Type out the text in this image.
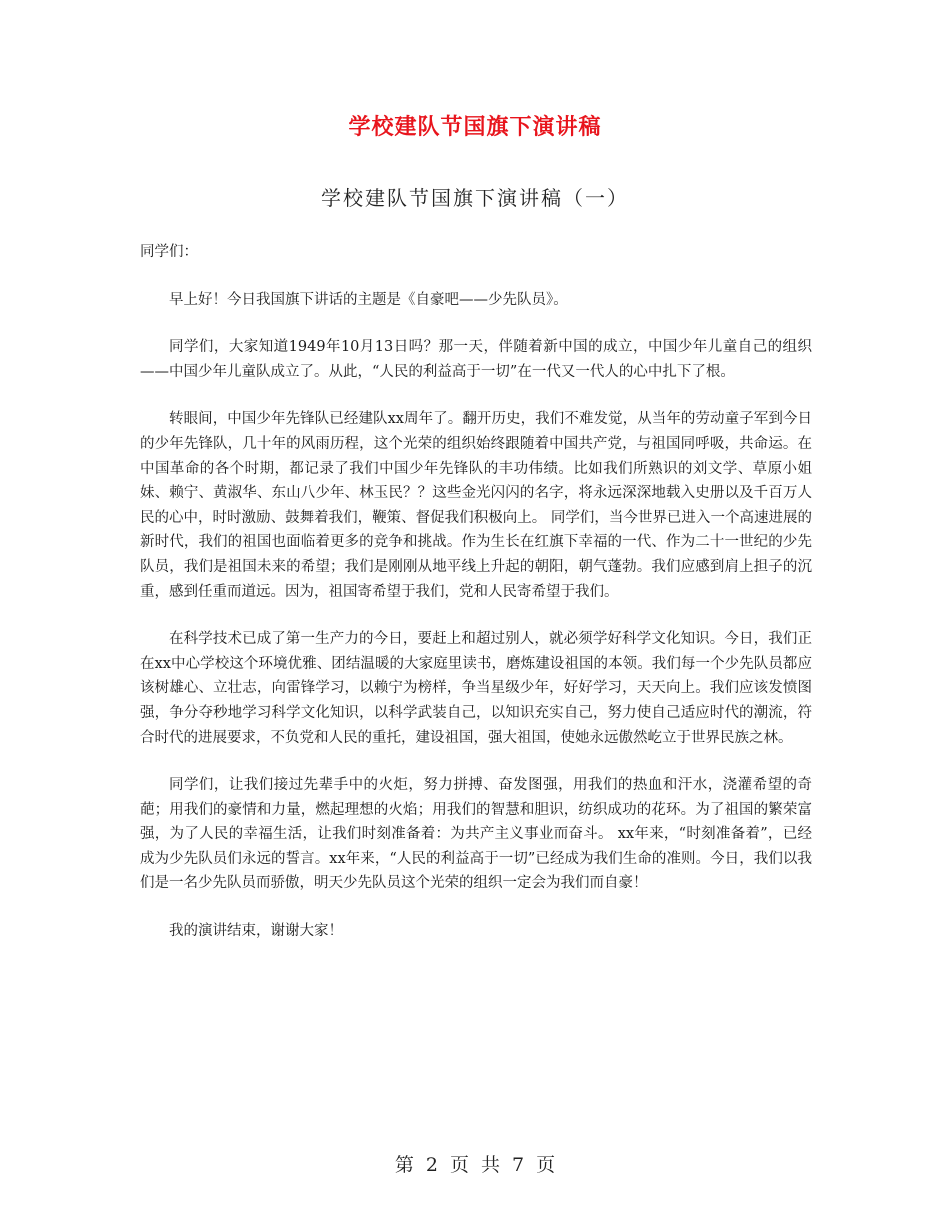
学校建队节国旗下演讲稿
学校建队节国旗下演讲稿（一）

同学们：

早上好！今日我国旗下讲话的主题是《自豪吧——少先队员》。

同学们，大家知道1949年10月13日吗？那一天，伴随着新中国的成立，中国少年儿童自己的组织——中国少年儿童队成立了。从此，“人民的利益高于一切”在一代又一代人的心中扎下了根。

转眼间，中国少年先锋队已经建队xx周年了。翻开历史，我们不难发觉，从当年的劳动童子军到今日的少年先锋队，几十年的风雨历程，这个光荣的组织始终跟随着中国共产党，与祖国同呼吸，共命运。在中国革命的各个时期，都记录了我们中国少年先锋队的丰功伟绩。比如我们所熟识的刘文学、草原小姐妹、赖宁、黄淑华、东山八少年、林玉民？？这些金光闪闪的名字，将永远深深地载入史册以及千百万人民的心中，时时激励、鼓舞着我们，鞭策、督促我们积极向上。 同学们，当今世界已进入一个高速进展的新时代，我们的祖国也面临着更多的竞争和挑战。作为生长在红旗下幸福的一代、作为二十一世纪的少先队员，我们是祖国未来的希望；我们是刚刚从地平线上升起的朝阳，朝气蓬勃。我们应感到肩上担子的沉重，感到任重而道远。因为，祖国寄希望于我们，党和人民寄希望于我们。

在科学技术已成了第一生产力的今日，要赶上和超过别人，就必须学好科学文化知识。今日，我们正在xx中心学校这个环境优雅、团结温暖的大家庭里读书，磨炼建设祖国的本领。我们每一个少先队员都应该树雄心、立壮志，向雷锋学习，以赖宁为榜样，争当星级少年，好好学习，天天向上。我们应该发愤图强，争分夺秒地学习科学文化知识，以科学武装自己，以知识充实自己，努力使自己适应时代的潮流，符合时代的进展要求，不负党和人民的重托，建设祖国，强大祖国，使她永远傲然屹立于世界民族之林。

同学们，让我们接过先辈手中的火炬，努力拼搏、奋发图强，用我们的热血和汗水，浇灌希望的奇葩；用我们的豪情和力量，燃起理想的火焰；用我们的智慧和胆识，纺织成功的花环。为了祖国的繁荣富强，为了人民的幸福生活，让我们时刻准备着：为共产主义事业而奋斗。 xx年来，“时刻准备着”，已经成为少先队员们永远的誓言。xx年来，“人民的利益高于一切”已经成为我们生命的准则。今日，我们以我们是一名少先队员而骄傲，明天少先队员这个光荣的组织一定会为我们而自豪！

我的演讲结束，谢谢大家！

第 2 页 共 7 页
